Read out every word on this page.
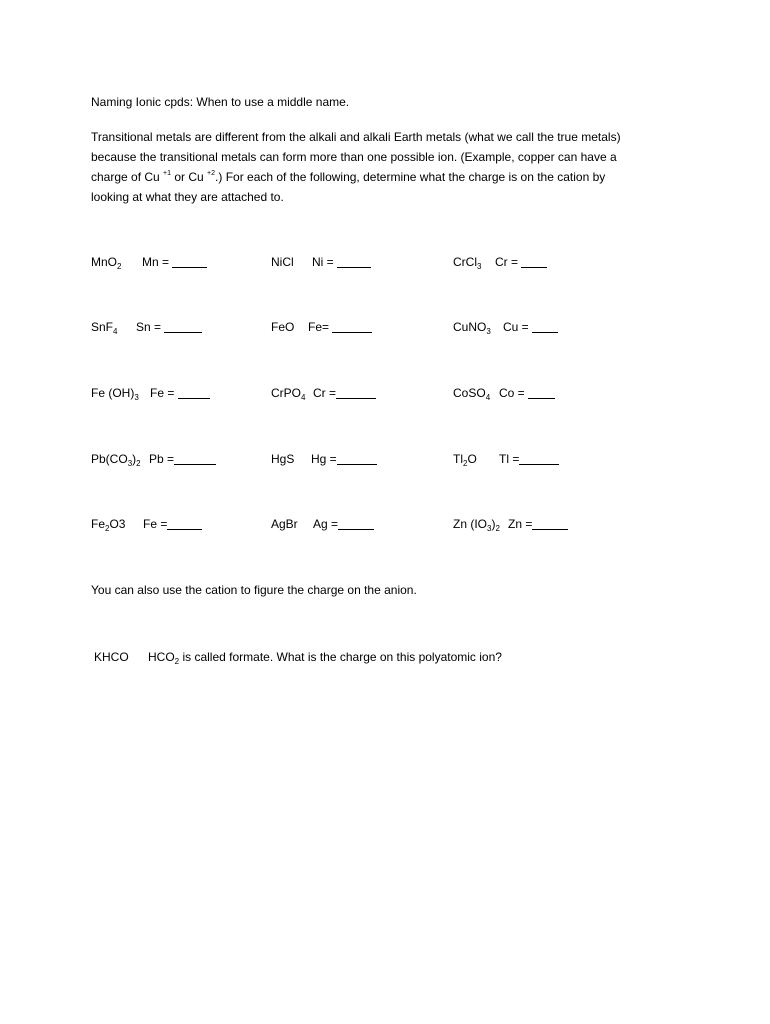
Naming Ionic cpds: When to use a middle name.

Transitional metals are different from the alkali and alkali Earth metals (what we call the true metals)

because the transitional metals can form more than one possible ion. (Example, copper can have a

charge of Cu $^{+1}$ or Cu $^{+2}$.) For each of the following, determine what the charge is on the cation by

looking at what they are attached to.

MnO$_2$ Mn =	NiCl Ni =	CrCl$_3$ Cr =
SnF$_4$ Sn =	FeO Fe=	CuNO$_3$ Cu =
Fe $(OH)_3$ Fe =	CrPO$_4$ Cr =	CoSO$_4$ Co =
$Pb(CO_3)_2$ Pb =	HgS Hg =	$Tl_2O$ Tl =
$Fe_2O3$ Fe =	AgBr Ag =	Zn $(IO_3)_2$ Zn =
You can also use the cation to figure the charge on the anion.
KHCO $HCO_2$ is called formate. What is the charge on this polyatomic ion?
